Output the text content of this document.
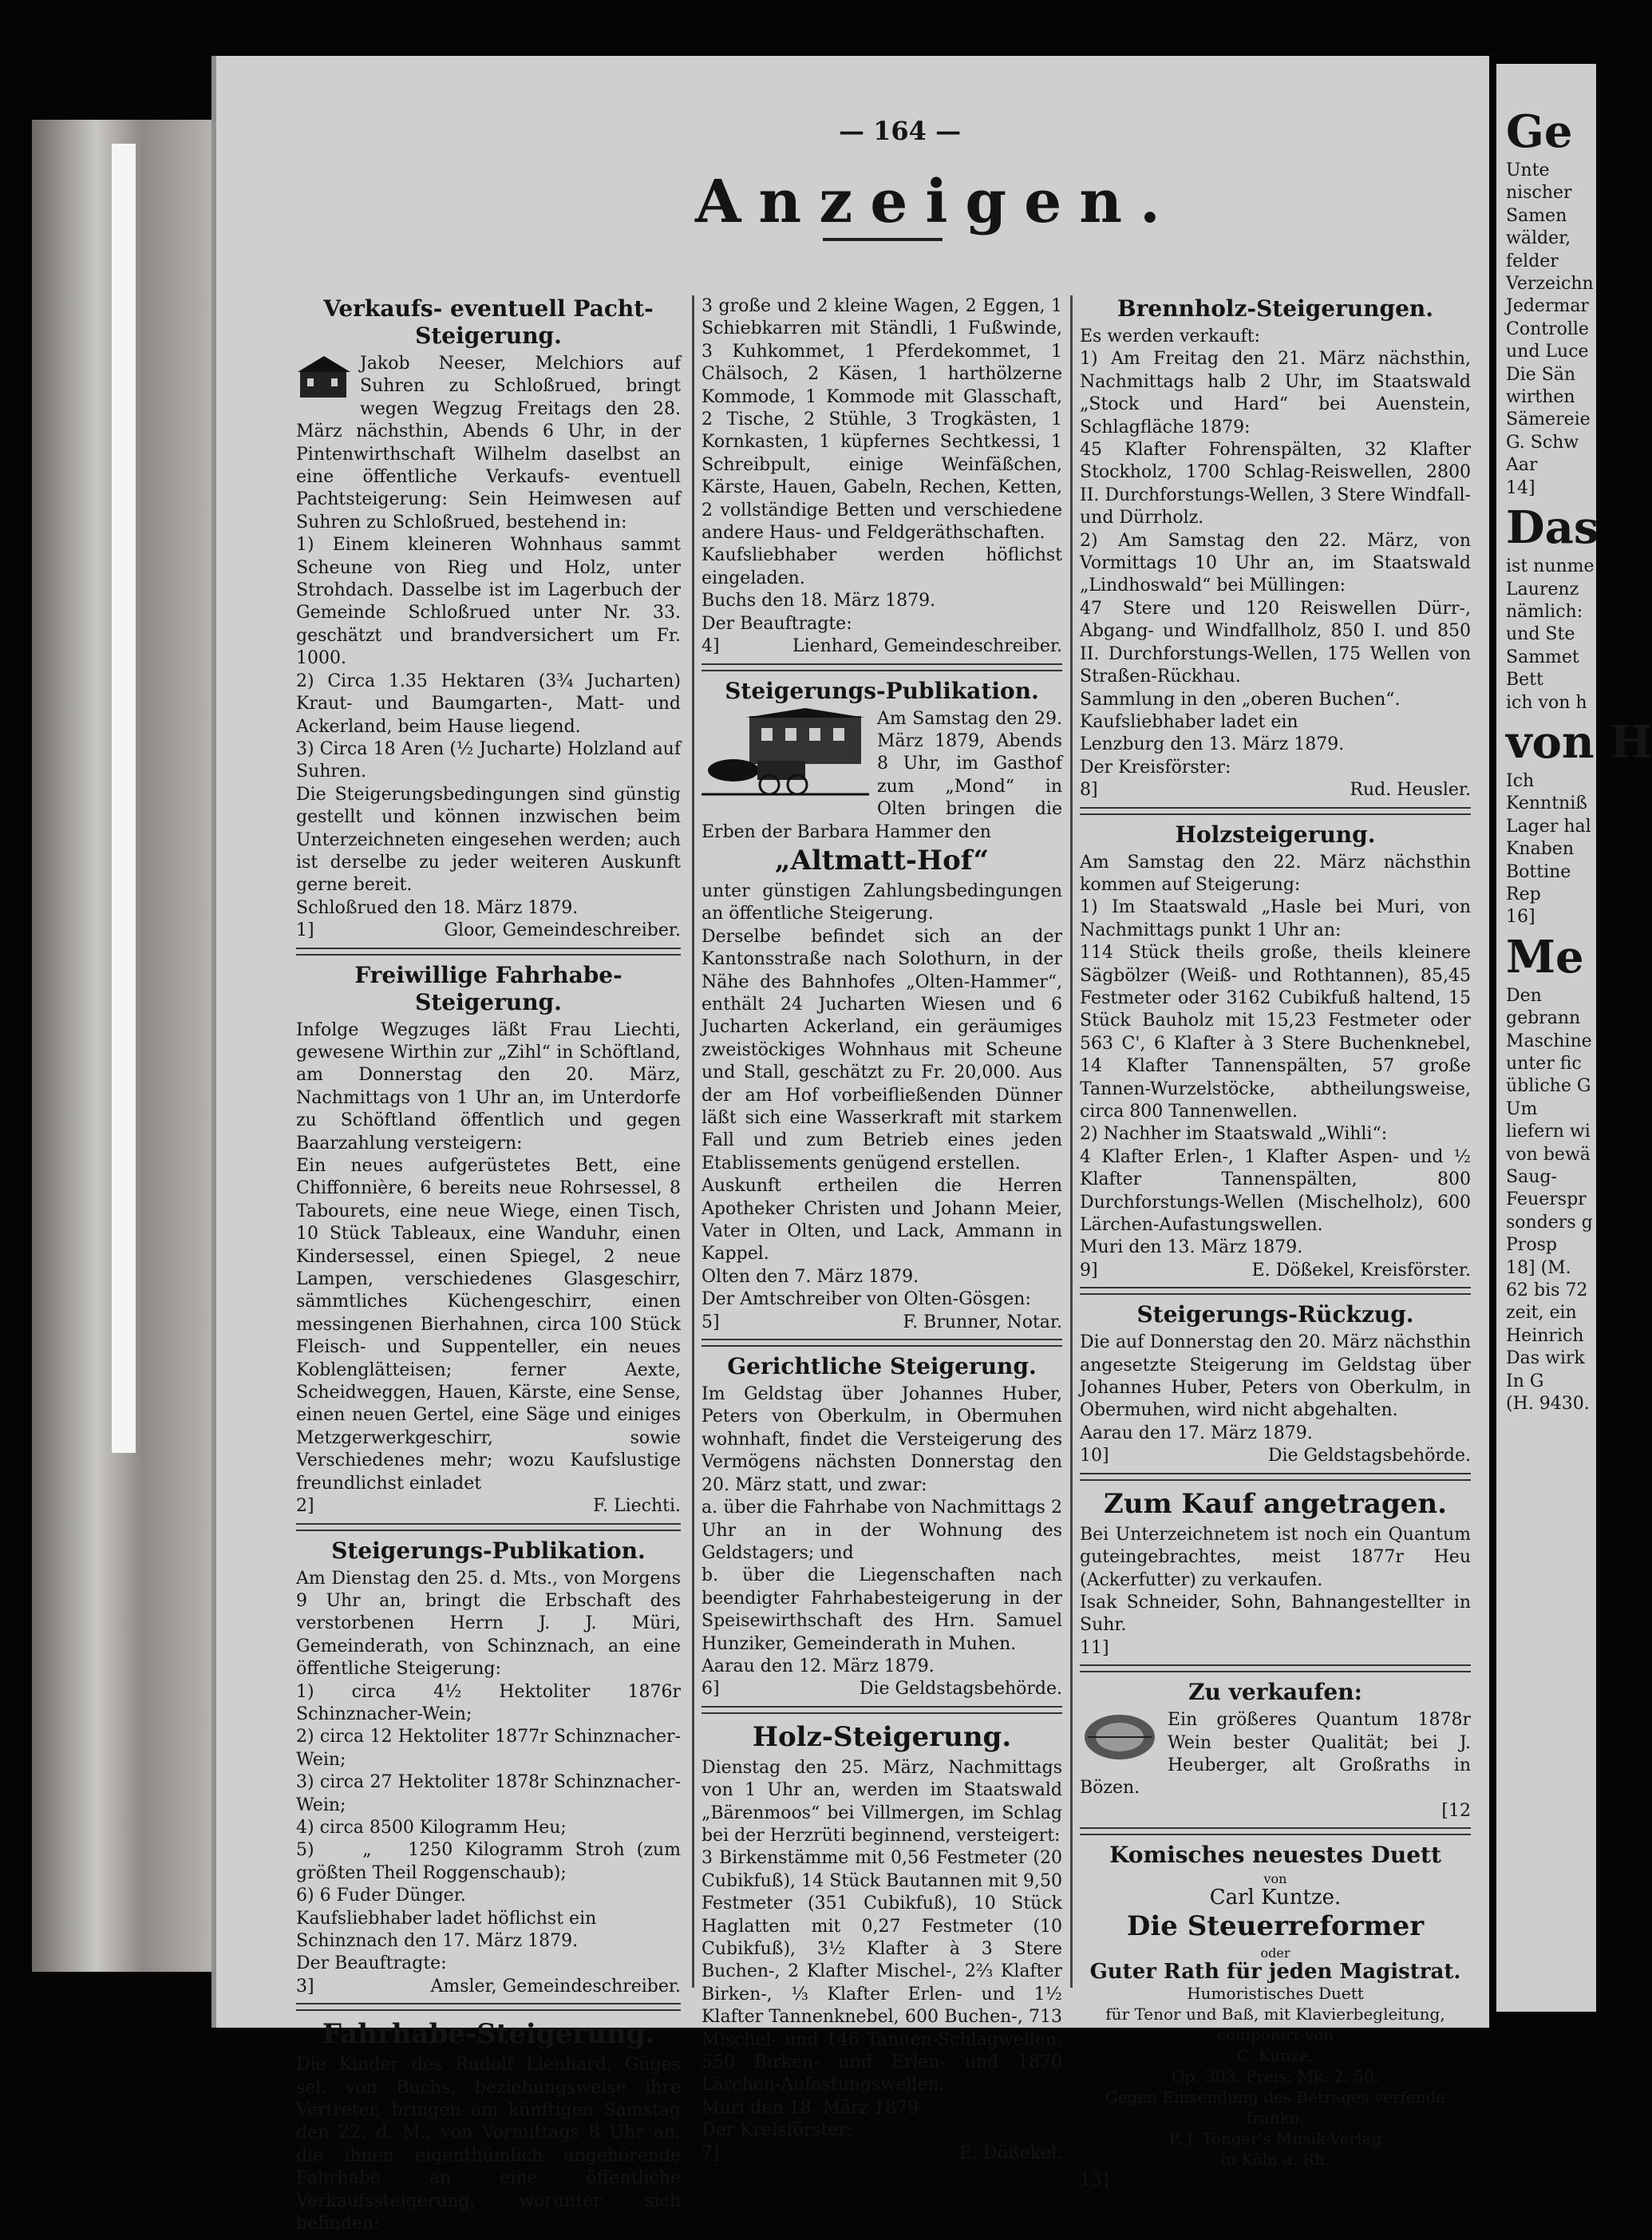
— 164 —
Anzeigen.
Verkaufs- eventuell Pacht-Steigerung.
Jakob Neeser, Melchiors auf Suhren zu Schloßrued, bringt wegen Wegzug Freitags den 28. März nächsthin, Abends 6 Uhr, in der Pintenwirthschaft Wilhelm daselbst an eine öffentliche Verkaufs- eventuell Pachtsteigerung: Sein Heimwesen auf Suhren zu Schloßrued, bestehend in:
1) Einem kleineren Wohnhaus sammt Scheune von Rieg und Holz, unter Strohdach. Dasselbe ist im Lagerbuch der Gemeinde Schloßrued unter Nr. 33. geschätzt und brandversichert um Fr. 1000.
2) Circa 1.35 Hektaren (3¾ Jucharten) Kraut- und Baumgarten-, Matt- und Ackerland, beim Hause liegend.
3) Circa 18 Aren (½ Jucharte) Holzland auf Suhren.
Die Steigerungsbedingungen sind günstig gestellt und können inzwischen beim Unterzeichneten eingesehen werden; auch ist derselbe zu jeder weiteren Auskunft gerne bereit.
Schloßrued den 18. März 1879.
1]	Gloor, Gemeindeschreiber.
Freiwillige Fahrhabe-Steigerung.
Infolge Wegzuges läßt Frau Liechti, gewesene Wirthin zur „Zihl“ in Schöftland, am Donnerstag den 20. März, Nachmittags von 1 Uhr an, im Unterdorfe zu Schöftland öffentlich und gegen Baarzahlung versteigern:
Ein neues aufgerüstetes Bett, eine Chiffonnière, 6 bereits neue Rohrsessel, 8 Tabourets, eine neue Wiege, einen Tisch, 10 Stück Tableaux, eine Wanduhr, einen Kindersessel, einen Spiegel, 2 neue Lampen, verschiedenes Glasgeschirr, sämmtliches Küchengeschirr, einen messingenen Bierhahnen, circa 100 Stück Fleisch- und Suppenteller, ein neues Koblenglätteisen; ferner Aexte, Scheidweggen, Hauen, Kärste, eine Sense, einen neuen Gertel, eine Säge und einiges Metzgerwerkgeschirr, sowie Verschiedenes mehr; wozu Kaufslustige freundlichst einladet
2]	F. Liechti.
Steigerungs-Publikation.
Am Dienstag den 25. d. Mts., von Morgens 9 Uhr an, bringt die Erbschaft des verstorbenen Herrn J. J. Müri, Gemeinderath, von Schinznach, an eine öffentliche Steigerung:
1) circa 4½ Hektoliter 1876r Schinznacher-Wein;
2) circa 12 Hektoliter 1877r Schinznacher-Wein;
3) circa 27 Hektoliter 1878r Schinznacher-Wein;
4) circa 8500 Kilogramm Heu;
5)    „   1250 Kilogramm Stroh (zum größten Theil Roggenschaub);
6) 6 Fuder Dünger.
Kaufsliebhaber ladet höflichst ein
Schinznach den 17. März 1879.
Der Beauftragte:
3]	Amsler, Gemeindeschreiber.
Fahrhabe-Steigerung.
Die Kinder des Rudolf Lienhard, Güges sel. von Buchs, beziehungsweise ihre Vertreter, bringen am künftigen Samstag den 22. d. M., von Vormittags 8 Uhr an, die ihnen eigenthümlich angehörende Fahrhabe an eine öffentliche Verkaufssteigerung, worunter sich befinden:
3 große und 2 kleine Wagen, 2 Eggen, 1 Schiebkarren mit Ständli, 1 Fußwinde, 3 Kuhkommet, 1 Pferdekommet, 1 Chälsoch, 2 Käsen, 1 harthölzerne Kommode, 1 Kommode mit Glasschaft, 2 Tische, 2 Stühle, 3 Trogkästen, 1 Kornkasten, 1 küpfernes Sechtkessi, 1 Schreibpult, einige Weinfäßchen, Kärste, Hauen, Gabeln, Rechen, Ketten, 2 vollständige Betten und verschiedene andere Haus- und Feldgeräthschaften.
Kaufsliebhaber werden höflichst eingeladen.
Buchs den 18. März 1879.
Der Beauftragte:
4]	Lienhard, Gemeindeschreiber.
Steigerungs-Publikation.
Am Samstag den 29. März 1879, Abends 8 Uhr, im Gasthof zum „Mond“ in Olten bringen die Erben der Barbara Hammer den
„Altmatt-Hof“
unter günstigen Zahlungsbedingungen an öffentliche Steigerung.
Derselbe befindet sich an der Kantonsstraße nach Solothurn, in der Nähe des Bahnhofes „Olten-Hammer“, enthält 24 Jucharten Wiesen und 6 Jucharten Ackerland, ein geräumiges zweistöckiges Wohnhaus mit Scheune und Stall, geschätzt zu Fr. 20,000. Aus der am Hof vorbeifließenden Dünner läßt sich eine Wasserkraft mit starkem Fall und zum Betrieb eines jeden Etablissements genügend erstellen.
Auskunft ertheilen die Herren Apotheker Christen und Johann Meier, Vater in Olten, und Lack, Ammann in Kappel.
Olten den 7. März 1879.
Der Amtschreiber von Olten-Gösgen:
5]	F. Brunner, Notar.
Gerichtliche Steigerung.
Im Geldstag über Johannes Huber, Peters von Oberkulm, in Obermuhen wohnhaft, findet die Versteigerung des Vermögens nächsten Donnerstag den 20. März statt, und zwar:
a. über die Fahrhabe von Nachmittags 2 Uhr an in der Wohnung des Geldstagers; und
b. über die Liegenschaften nach beendigter Fahrhabesteigerung in der Speisewirthschaft des Hrn. Samuel Hunziker, Gemeinderath in Muhen.
Aarau den 12. März 1879.
6]	Die Geldstagsbehörde.
Holz-Steigerung.
Dienstag den 25. März, Nachmittags von 1 Uhr an, werden im Staatswald „Bärenmoos“ bei Villmergen, im Schlag bei der Herzrüti beginnend, versteigert:
3 Birkenstämme mit 0,56 Festmeter (20 Cubikfuß), 14 Stück Bautannen mit 9,50 Festmeter (351 Cubikfuß), 10 Stück Haglatten mit 0,27 Festmeter (10 Cubikfuß), 3½ Klafter à 3 Stere Buchen-, 2 Klafter Mischel-, 2⅔ Klafter Birken-, ⅓ Klafter Erlen- und 1½ Klafter Tannenknebel, 600 Buchen-, 713 Mischel- und 146 Tannen-Schlagwellen, 550 Birken- und Erlen- und 1870 Lärchen-Aufastungswellen.
Muri den 18. März 1879.
Der Kreisförster:
7]	E. Dößekel.
Brennholz-Steigerungen.
Es werden verkauft:
1) Am Freitag den 21. März nächsthin, Nachmittags halb 2 Uhr, im Staatswald „Stock und Hard“ bei Auenstein, Schlagfläche 1879:
45 Klafter Fohrenspälten, 32 Klafter Stockholz, 1700 Schlag-Reiswellen, 2800 II. Durchforstungs-Wellen, 3 Stere Windfall- und Dürrholz.
2) Am Samstag den 22. März, von Vormittags 10 Uhr an, im Staatswald „Lindhoswald“ bei Müllingen:
47 Stere und 120 Reiswellen Dürr-, Abgang- und Windfallholz, 850 I. und 850 II. Durchforstungs-Wellen, 175 Wellen von Straßen-Rückhau.
Sammlung in den „oberen Buchen“.
Kaufsliebhaber ladet ein
Lenzburg den 13. März 1879.
Der Kreisförster:
8]	Rud. Heusler.
Holzsteigerung.
Am Samstag den 22. März nächsthin kommen auf Steigerung:
1) Im Staatswald „Hasle bei Muri, von Nachmittags punkt 1 Uhr an:
114 Stück theils große, theils kleinere Sägbölzer (Weiß- und Rothtannen), 85,45 Festmeter oder 3162 Cubikfuß haltend, 15 Stück Bauholz mit 15,23 Festmeter oder 563 C', 6 Klafter à 3 Stere Buchenknebel, 14 Klafter Tannenspälten, 57 große Tannen-Wurzelstöcke, abtheilungsweise, circa 800 Tannenwellen.
2) Nachher im Staatswald „Wihli“:
4 Klafter Erlen-, 1 Klafter Aspen- und ½ Klafter Tannenspälten, 800 Durchforstungs-Wellen (Mischelholz), 600 Lärchen-Aufastungswellen.
Muri den 13. März 1879.
9]	E. Dößekel, Kreisförster.
Steigerungs-Rückzug.
Die auf Donnerstag den 20. März nächsthin angesetzte Steigerung im Geldstag über Johannes Huber, Peters von Oberkulm, in Obermuhen, wird nicht abgehalten.
Aarau den 17. März 1879.
10]	Die Geldstagsbehörde.
Zum Kauf angetragen.
Bei Unterzeichnetem ist noch ein Quantum guteingebrachtes, meist 1877r Heu (Ackerfutter) zu verkaufen.
Isak Schneider, Sohn, Bahnangestellter in Suhr.
11]
Zu verkaufen:
Ein größeres Quantum 1878r Wein bester Qualität; bei J. Heuberger, alt Großraths in Bözen.
[12
Komisches neuestes Duett
von
Carl Kuntze.
Die Steuerreformer
oder
Guter Rath für jeden Magistrat.
Humoristisches Duett
für Tenor und Baß, mit Klavierbegleitung,
componirt von
C. Kunze.
Op. 303. Preis: Mk. 2. 50.
Gegen Einsendung des Betrages verfende franko.
P. J. Tonger's Musik-Verlag
in Köln a. Rh.
13]
Ge
Unte
nischer
Samen
wälder,
felder
Verzeichn
Jedermar
Controlle
und Luce
Die Sän
wirthen
Sämereie
G. Schw
Aar
14]
Das
ist nunme
Laurenz
nämlich:
und Ste
Sammet
Bett
ich von h
von H
Ich
Kenntniß
Lager hal
Knaben
Bottine
Rep
16]
Me
Den
gebrann
Maschine
unter fic
übliche G
Um
liefern wi
von bewä
Saug-
Feuerspr
sonders g
Prosp
18] (M.
62 bis 72
zeit, ein
Heinrich
Das wirk
In G
(H. 9430.
